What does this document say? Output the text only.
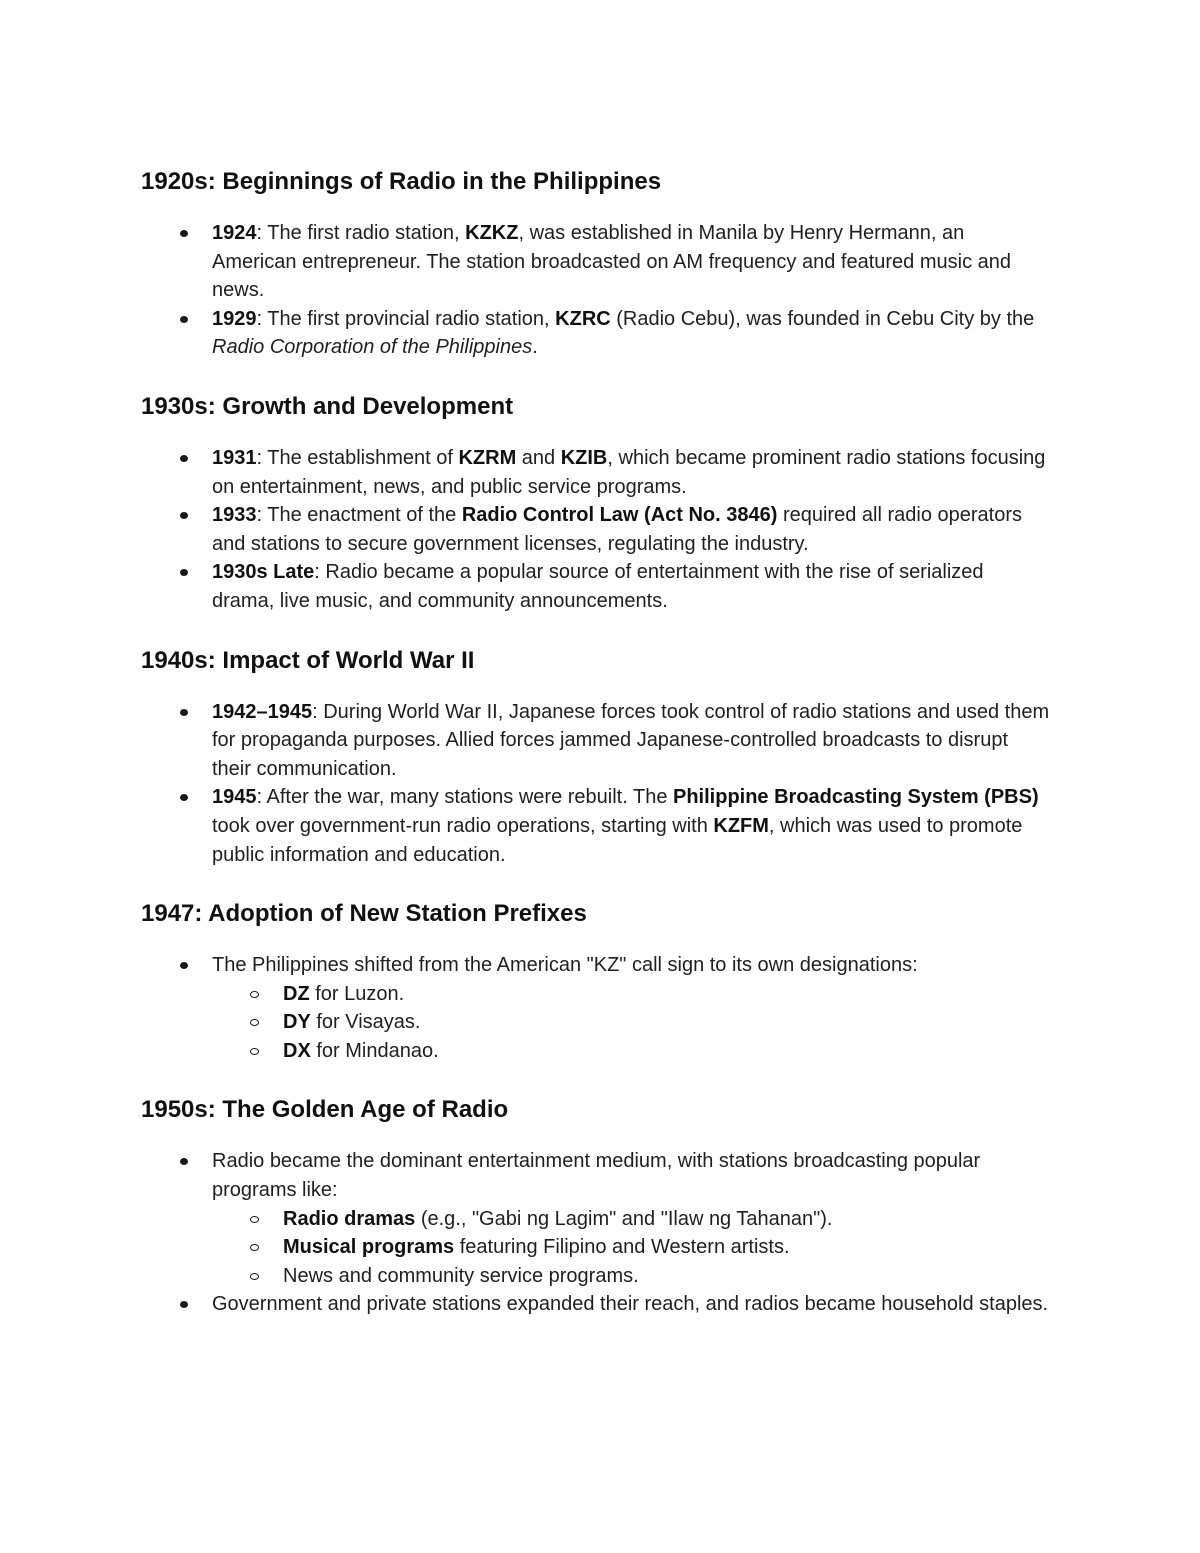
1920s: Beginnings of Radio in the Philippines
1924: The first radio station, KZKZ, was established in Manila by Henry Hermann, an American entrepreneur. The station broadcasted on AM frequency and featured music and news.
1929: The first provincial radio station, KZRC (Radio Cebu), was founded in Cebu City by the Radio Corporation of the Philippines.
1930s: Growth and Development
1931: The establishment of KZRM and KZIB, which became prominent radio stations focusing on entertainment, news, and public service programs.
1933: The enactment of the Radio Control Law (Act No. 3846) required all radio operators and stations to secure government licenses, regulating the industry.
1930s Late: Radio became a popular source of entertainment with the rise of serialized drama, live music, and community announcements.
1940s: Impact of World War II
1942–1945: During World War II, Japanese forces took control of radio stations and used them for propaganda purposes. Allied forces jammed Japanese-controlled broadcasts to disrupt their communication.
1945: After the war, many stations were rebuilt. The Philippine Broadcasting System (PBS) took over government-run radio operations, starting with KZFM, which was used to promote public information and education.
1947: Adoption of New Station Prefixes
The Philippines shifted from the American "KZ" call sign to its own designations:
DZ for Luzon.
DY for Visayas.
DX for Mindanao.
1950s: The Golden Age of Radio
Radio became the dominant entertainment medium, with stations broadcasting popular programs like:
Radio dramas (e.g., "Gabi ng Lagim" and "Ilaw ng Tahanan").
Musical programs featuring Filipino and Western artists.
News and community service programs.
Government and private stations expanded their reach, and radios became household staples.
